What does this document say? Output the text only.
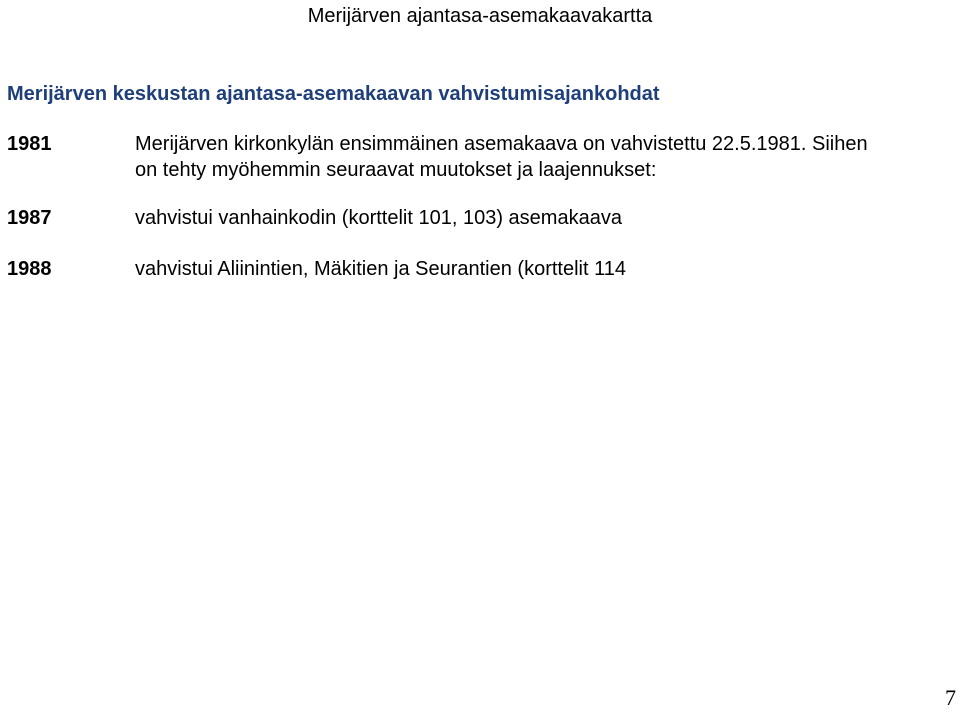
Merijärven ajantasa-asemakaavakartta
Merijärven keskustan ajantasa-asemakaavan vahvistumisajankohdat
1981	Merijärven kirkonkylän ensimmäinen asemakaava on vahvistettu 22.5.1981. Siihen
on tehty myöhemmin seuraavat muutokset ja laajennukset:
1987	vahvistui vanhainkodin (korttelit 101, 103) asemakaava
1988	vahvistui Aliinintien, Mäkitien ja Seurantien (korttelit 114
7
